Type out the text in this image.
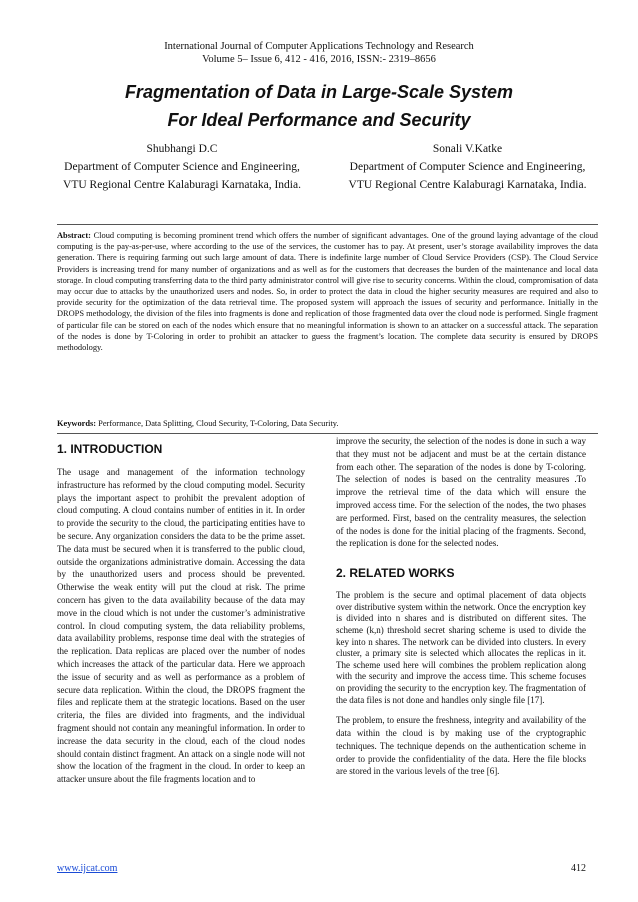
International Journal of Computer Applications Technology and Research
Volume 5– Issue 6, 412 - 416, 2016, ISSN:- 2319–8656
Fragmentation of Data in Large-Scale System
For Ideal Performance and Security
Shubhangi D.C
Department of Computer Science and Engineering, VTU Regional Centre Kalaburagi Karnataka, India.
Sonali V.Katke
Department of Computer Science and Engineering, VTU Regional Centre Kalaburagi Karnataka, India.
Abstract: Cloud computing is becoming prominent trend which offers the number of significant advantages. One of the ground laying advantage of the cloud computing is the pay-as-per-use, where according to the use of the services, the customer has to pay. At present, user’s storage availability improves the data generation. There is requiring farming out such large amount of data. There is indefinite large number of Cloud Service Providers (CSP). The Cloud Service Providers is increasing trend for many number of organizations and as well as for the customers that decreases the burden of the maintenance and local data storage. In cloud computing transferring data to the third party administrator control will give rise to security concerns. Within the cloud, compromisation of data may occur due to attacks by the unauthorized users and nodes. So, in order to protect the data in cloud the higher security measures are required and also to provide security for the optimization of the data retrieval time. The proposed system will approach the issues of security and performance. Initially in the DROPS methodology, the division of the files into fragments is done and replication of those fragmented data over the cloud node is performed. Single fragment of particular file can be stored on each of the nodes which ensure that no meaningful information is shown to an attacker on a successful attack. The separation of the nodes is done by T-Coloring in order to prohibit an attacker to guess the fragment’s location. The complete data security is ensured by DROPS methodology.
Keywords: Performance, Data Splitting, Cloud Security, T-Coloring, Data Security.
1. INTRODUCTION
The usage and management of the information technology infrastructure has reformed by the cloud computing model. Security plays the important aspect to prohibit the prevalent adoption of cloud computing. A cloud contains number of entities in it. In order to provide the security to the cloud, the participating entities have to be secure. Any organization considers the data to be the prime asset. The data must be secured when it is transferred to the public cloud, outside the organizations administrative domain. Accessing the data by the unauthorized users and process should be prevented. Otherwise the weak entity will put the cloud at risk. The prime concern has given to the data availability because of the data may move in the cloud which is not under the customer’s administrative control. In cloud computing system, the data reliability problems, data availability problems, response time deal with the strategies of the replication. Data replicas are placed over the number of nodes which increases the attack of the particular data. Here we approach the issue of security and as well as performance as a problem of secure data replication. Within the cloud, the DROPS fragment the files and replicate them at the strategic locations. Based on the user criteria, the files are divided into fragments, and the individual fragment should not contain any meaningful information. In order to increase the data security in the cloud, each of the cloud nodes should contain distinct fragment. An attack on a single node will not show the location of the fragment in the cloud. In order to keep an attacker unsure about the file fragments location and to
improve the security, the selection of the nodes is done in such a way that they must not be adjacent and must be at the certain distance from each other. The separation of the nodes is done by T-coloring. The selection of nodes is based on the centrality measures .To improve the retrieval time of the data which will ensure the improved access time. For the selection of the nodes, the two phases are performed. First, based on the centrality measures, the selection of the nodes is done for the initial placing of the fragments. Second, the replication is done for the selected nodes.
2. RELATED WORKS
The problem is the secure and optimal placement of data objects over distributive system within the network. Once the encryption key is divided into n shares and is distributed on different sites. The scheme (k,n) threshold secret sharing scheme is used to divide the key into n shares. The network can be divided into clusters. In every cluster, a primary site is selected which allocates the replicas in it. The scheme used here will combines the problem replication along with the security and improve the access time. This scheme focuses on providing the security to the encryption key. The fragmentation of the data files is not done and handles only single file [17].
The problem, to ensure the freshness, integrity and availability of the data within the cloud is by making use of the cryptographic techniques. The technique depends on the authentication scheme in order to provide the confidentiality of the data. Here the file blocks are stored in the various levels of the tree [6].
www.ijcat.com	412
